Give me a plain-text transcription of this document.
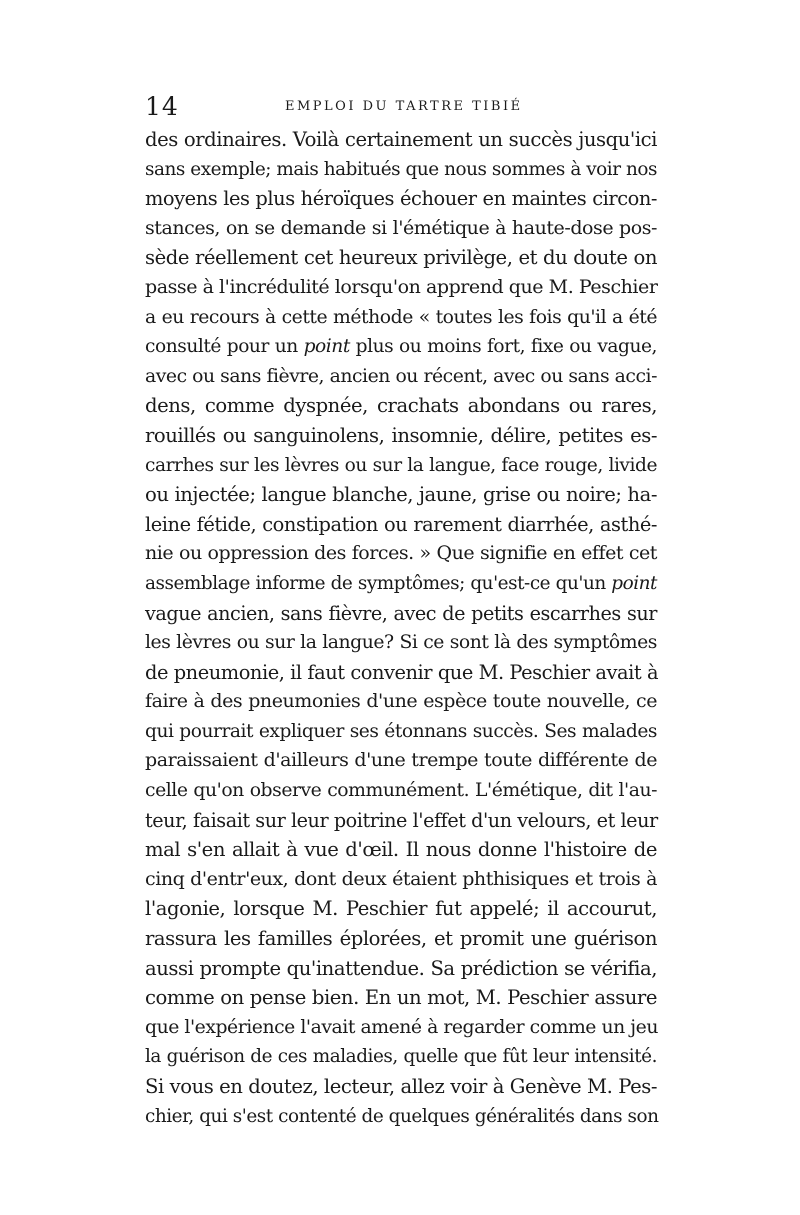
14	EMPLOI DU TARTRE TIBIÉ
des ordinaires. Voilà certainement un succès jusqu'ici
sans exemple; mais habitués que nous sommes à voir nos
moyens les plus héroïques échouer en maintes circon-
stances, on se demande si l'émétique à haute-dose pos-
sède réellement cet heureux privilège, et du doute on
passe à l'incrédulité lorsqu'on apprend que M. Peschier
a eu recours à cette méthode « toutes les fois qu'il a été
consulté pour un point plus ou moins fort, fixe ou vague,
avec ou sans fièvre, ancien ou récent, avec ou sans acci-
dens, comme dyspnée, crachats abondans ou rares,
rouillés ou sanguinolens, insomnie, délire, petites es-
carrhes sur les lèvres ou sur la langue, face rouge, livide
ou injectée; langue blanche, jaune, grise ou noire; ha-
leine fétide, constipation ou rarement diarrhée, asthé-
nie ou oppression des forces. » Que signifie en effet cet
assemblage informe de symptômes; qu'est-ce qu'un point
vague ancien, sans fièvre, avec de petits escarrhes sur
les lèvres ou sur la langue? Si ce sont là des symptômes
de pneumonie, il faut convenir que M. Peschier avait à
faire à des pneumonies d'une espèce toute nouvelle, ce
qui pourrait expliquer ses étonnans succès. Ses malades
paraissaient d'ailleurs d'une trempe toute différente de
celle qu'on observe communément. L'émétique, dit l'au-
teur, faisait sur leur poitrine l'effet d'un velours, et leur
mal s'en allait à vue d'œil. Il nous donne l'histoire de
cinq d'entr'eux, dont deux étaient phthisiques et trois à
l'agonie, lorsque M. Peschier fut appelé; il accourut,
rassura les familles éplorées, et promit une guérison
aussi prompte qu'inattendue. Sa prédiction se vérifia,
comme on pense bien. En un mot, M. Peschier assure
que l'expérience l'avait amené à regarder comme un jeu
la guérison de ces maladies, quelle que fût leur intensité.
Si vous en doutez, lecteur, allez voir à Genève M. Pes-
chier, qui s'est contenté de quelques généralités dans son
